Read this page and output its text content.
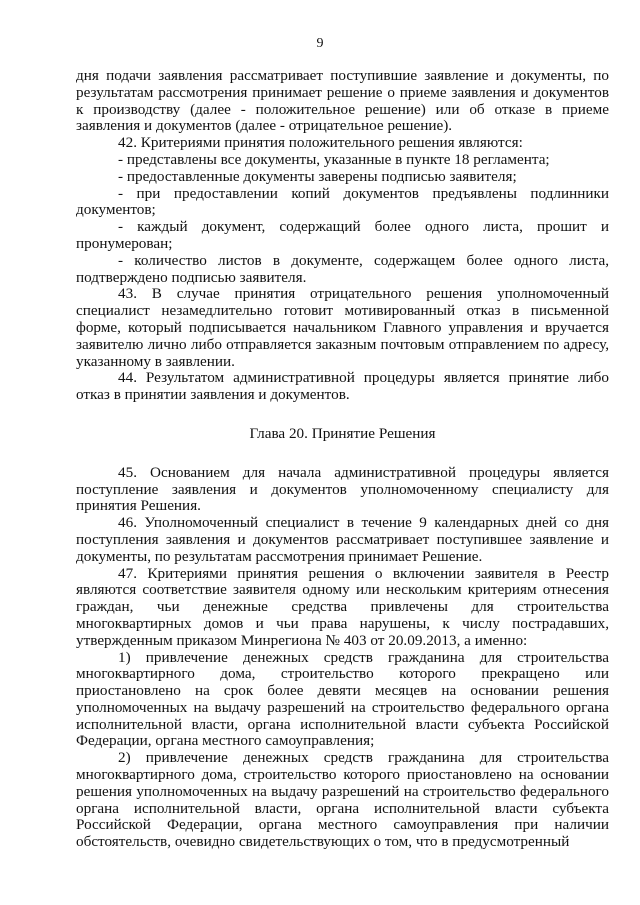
9

дня подачи заявления рассматривает поступившие заявление и документы, по результатам рассмотрения принимает решение о приеме заявления и документов к производству (далее - положительное решение) или об отказе в приеме заявления и документов (далее - отрицательное решение).

42. Критериями принятия положительного решения являются:

- представлены все документы, указанные в пункте 18 регламента;

- предоставленные документы заверены подписью заявителя;

- при предоставлении копий документов предъявлены подлинники документов;

- каждый документ, содержащий более одного листа, прошит и пронумерован;

- количество листов в документе, содержащем более одного листа, подтверждено подписью заявителя.

43. В случае принятия отрицательного решения уполномоченный специалист незамедлительно готовит мотивированный отказ в письменной форме, который подписывается начальником Главного управления и вручается заявителю лично либо отправляется заказным почтовым отправлением по адресу, указанному в заявлении.

44. Результатом административной процедуры является принятие либо отказ в принятии заявления и документов.

Глава 20. Принятие Решения

45. Основанием для начала административной процедуры является поступление заявления и документов уполномоченному специалисту для принятия Решения.

46. Уполномоченный специалист в течение 9 календарных дней со дня поступления заявления и документов рассматривает поступившее заявление и документы, по результатам рассмотрения принимает Решение.

47. Критериями принятия решения о включении заявителя в Реестр являются соответствие заявителя одному или нескольким критериям отнесения граждан, чьи денежные средства привлечены для строительства многоквартирных домов и чьи права нарушены, к числу пострадавших, утвержденным приказом Минрегиона № 403 от 20.09.2013, а именно:

1) привлечение денежных средств гражданина для строительства многоквартирного дома, строительство которого прекращено или приостановлено на срок более девяти месяцев на основании решения уполномоченных на выдачу разрешений на строительство федерального органа исполнительной власти, органа исполнительной власти субъекта Российской Федерации, органа местного самоуправления;

2) привлечение денежных средств гражданина для строительства многоквартирного дома, строительство которого приостановлено на основании решения уполномоченных на выдачу разрешений на строительство федерального органа исполнительной власти, органа исполнительной власти субъекта Российской Федерации, органа местного самоуправления при наличии обстоятельств, очевидно свидетельствующих о том, что в предусмотренный
